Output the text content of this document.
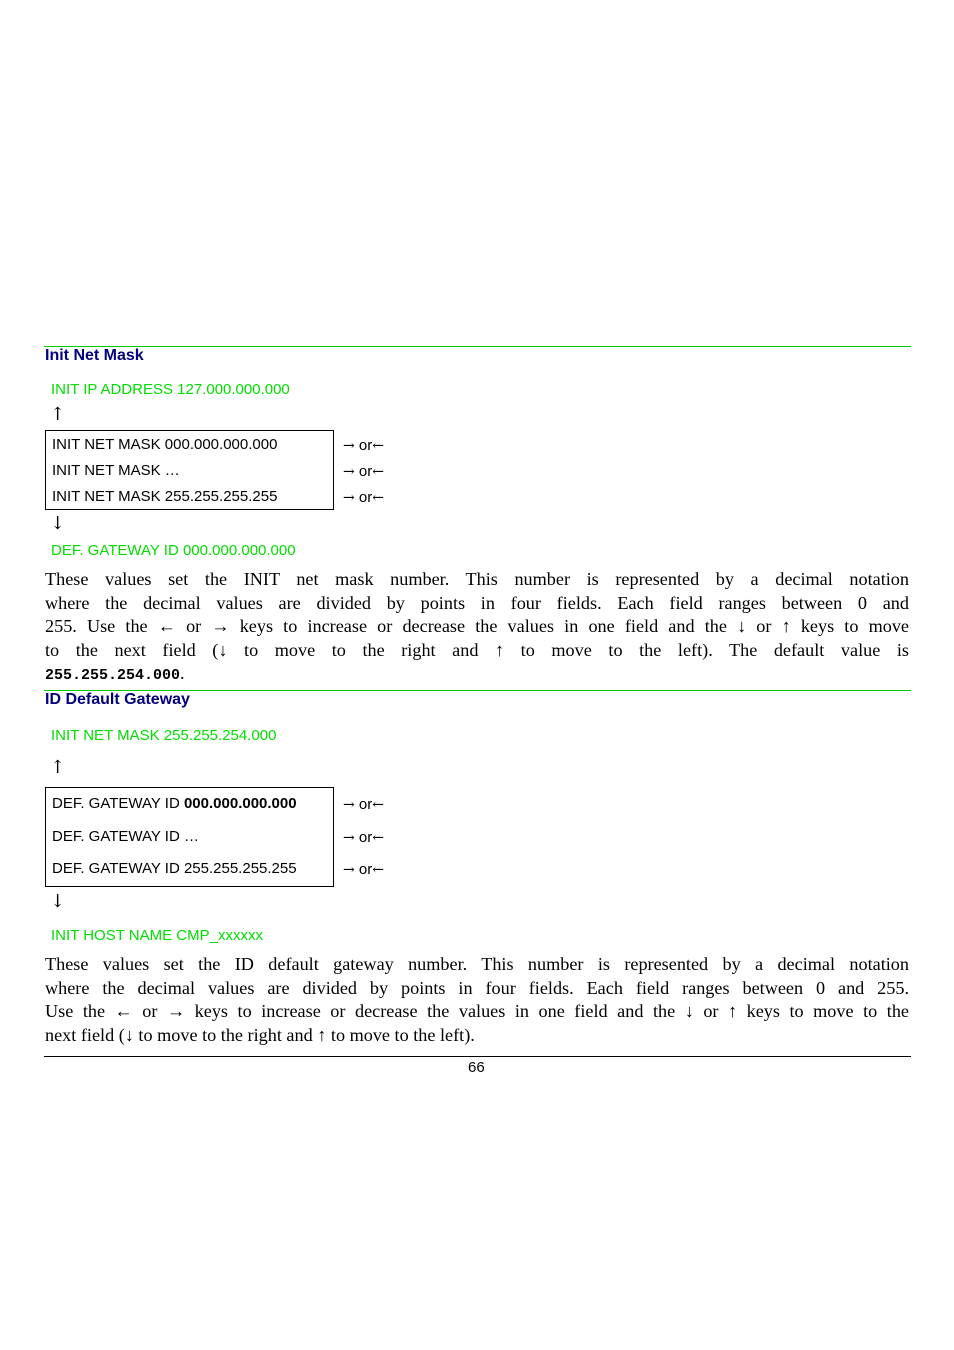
Init Net Mask
INIT IP ADDRESS 127.000.000.000
↑
INIT NET MASK 000.000.000.000
INIT NET MASK …
INIT NET MASK 255.255.255.255
→ or←
→ or←
→ or←
↓
DEF. GATEWAY ID 000.000.000.000
These values set the INIT net mask number. This number is represented by a decimal notation
where the decimal values are divided by points in four fields. Each field ranges between 0 and
255. Use the ← or → keys to increase or decrease the values in one field and the ↓ or ↑ keys to move
to the next field (↓ to move to the right and ↑ to move to the left). The default value is
255.255.254.000.
ID Default Gateway
INIT NET MASK 255.255.254.000
↑
DEF. GATEWAY ID 000.000.000.000
DEF. GATEWAY ID …
DEF. GATEWAY ID 255.255.255.255
→ or←
→ or←
→ or←
↓
INIT HOST NAME CMP_xxxxxx
These values set the ID default gateway number. This number is represented by a decimal notation
where the decimal values are divided by points in four fields. Each field ranges between 0 and 255.
Use the ← or → keys to increase or decrease the values in one field and the ↓ or ↑ keys to move to the
next field (↓ to move to the right and ↑ to move to the left).
66
